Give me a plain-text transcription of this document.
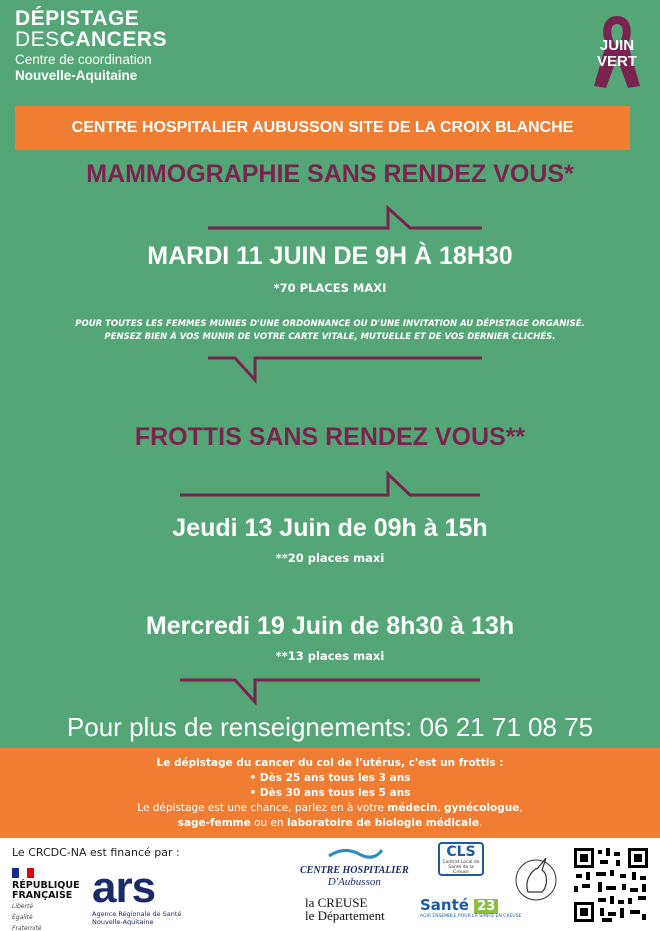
DÉPISTAGE
DESCANCERS
Centre de coordination
Nouvelle-Aquitaine
JUIN
VERT
CENTRE HOSPITALIER AUBUSSON SITE DE LA CROIX BLANCHE
MAMMOGRAPHIE SANS RENDEZ VOUS*
MARDI 11 JUIN DE 9H À 18H30
*70 PLACES MAXI
POUR TOUTES LES FEMMES MUNIES D'UNE ORDONNANCE OU D'UNE INVITATION AU DÉPISTAGE ORGANISÉ.
PENSEZ BIEN À VOS MUNIR DE VOTRE CARTE VITALE, MUTUELLE ET DE VOS DERNIER CLICHÉS.
FROTTIS SANS RENDEZ VOUS**
Jeudi 13 Juin de 09h à 15h
**20 places maxi
Mercredi 19 Juin de 8h30 à 13h
**13 places maxi
Pour plus de renseignements: 06 21 71 08 75
Le dépistage du cancer du col de l'utérus, c'est un frottis :
• Dès 25 ans tous les 3 ans
• Dès 30 ans tous les 5 ans
Le dépistage est une chance, parlez en à votre médecin, gynécologue,
sage-femme ou en laboratoire de biologie médicale.
Le CRCDC-NA est financé par :
RÉPUBLIQUE
FRANÇAISE
Liberté
Égalité
Fraternité
ars
Agence Régionale de Santé
Nouvelle-Aquitaine
CENTRE HOSPITALIER
D'Aubusson
la CREUSE
le Département
CLS
Contrat Local de Santé de la Creuse
Santé 23
AGIR ENSEMBLE POUR LA SANTÉ EN CREUSE
